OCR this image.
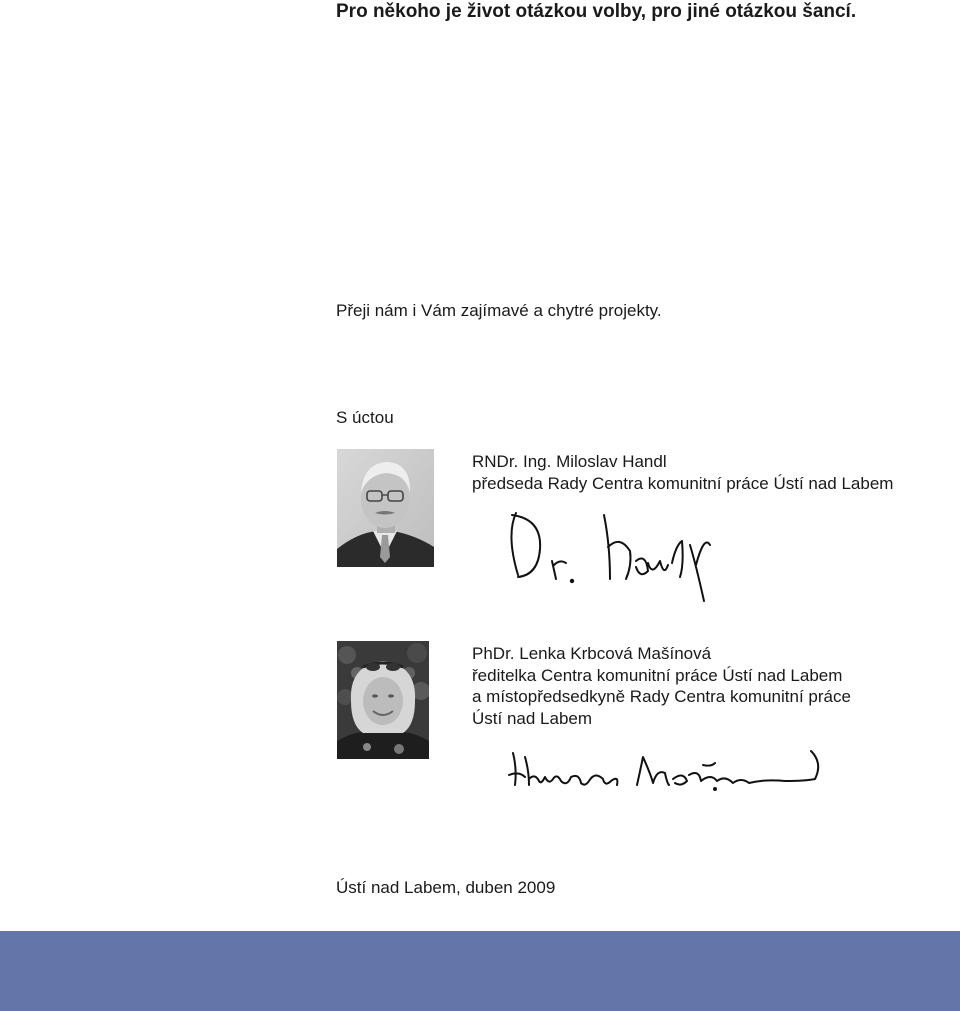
Pro někoho je život otázkou volby, pro jiné otázkou šancí.
Přeji nám i Vám zajímavé a chytré projekty.
S úctou
RNDr. Ing. Miloslav Handl
předseda Rady Centra komunitní práce Ústí nad Labem
PhDr. Lenka Krbcová Mašínová
ředitelka Centra komunitní práce Ústí nad Labem
a místopředsedkyně Rady Centra komunitní práce
Ústí nad Labem
Ústí nad Labem, duben 2009
